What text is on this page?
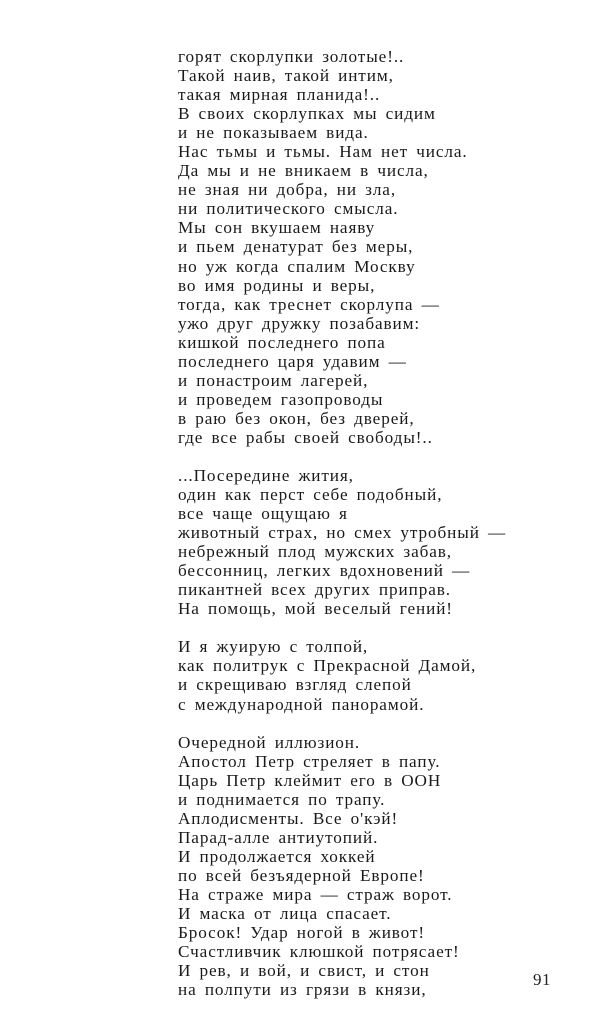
горят скорлупки золотые!..
Такой наив, такой интим,
такая мирная планида!..
В своих скорлупках мы сидим
и не показываем вида.
Нас тьмы и тьмы. Нам нет числа.
Да мы и не вникаем в числа,
не зная ни добра, ни зла,
ни политического смысла.
Мы сон вкушаем наяву
и пьем денатурат без меры,
но уж когда спалим Москву
во имя родины и веры,
тогда, как треснет скорлупа —
ужо друг дружку позабавим:
кишкой последнего попа
последнего царя удавим —
и понастроим лагерей,
и проведем газопроводы
в раю без окон, без дверей,
где все рабы своей свободы!..
...Посередине жития,
один как перст себе подобный,
все чаще ощущаю я
животный страх, но смех утробный —
небрежный плод мужских забав,
бессонниц, легких вдохновений —
пикантней всех других приправ.
На помощь, мой веселый гений!
И я жуирую с толпой,
как политрук с Прекрасной Дамой,
и скрещиваю взгляд слепой
с международной панорамой.
Очередной иллюзион.
Апостол Петр стреляет в папу.
Царь Петр клеймит его в ООН
и поднимается по трапу.
Аплодисменты. Все о'кэй!
Парад-алле антиутопий.
И продолжается хоккей
по всей безъядерной Европе!
На страже мира — страж ворот.
И маска от лица спасает.
Бросок! Удар ногой в живот!
Счастливчик клюшкой потрясает!
И рев, и вой, и свист, и стон
на полпути из грязи в князи,
91
